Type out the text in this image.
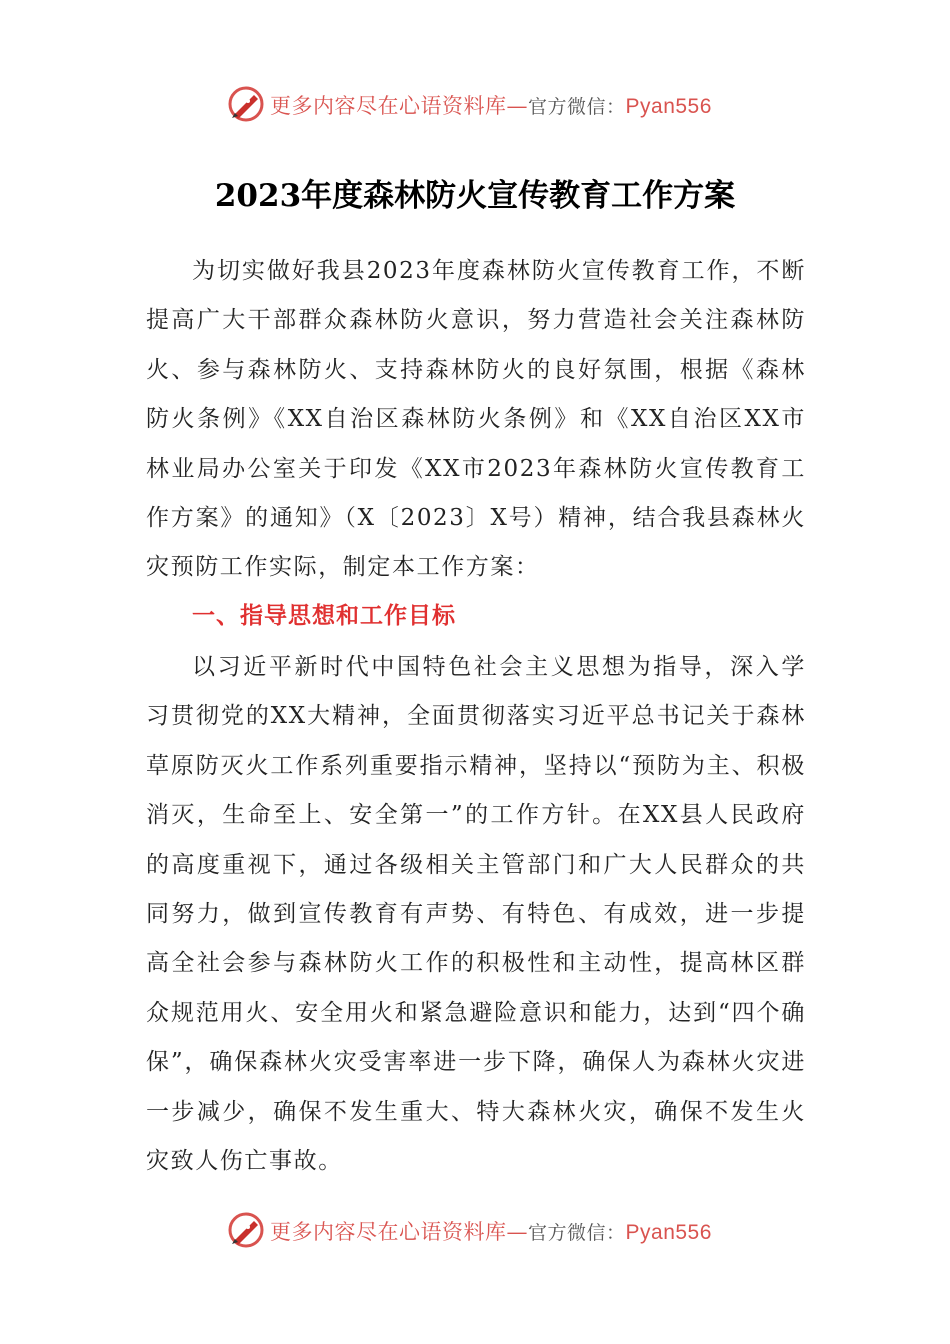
更多内容尽在心语资料库—官方微信：Pyan556
2023年度森林防火宣传教育工作方案

为切实做好我县2023年度森林防火宣传教育工作，不断提高广大干部群众森林防火意识，努力营造社会关注森林防火、参与森林防火、支持森林防火的良好氛围，根据《森林防火条例》《XX自治区森林防火条例》和《XX自治区XX市林业局办公室关于印发《XX市2023年森林防火宣传教育工作方案》的通知》（X〔2023〕X号）精神，结合我县森林火灾预防工作实际，制定本工作方案：

一、指导思想和工作目标

以习近平新时代中国特色社会主义思想为指导，深入学习贯彻党的XX大精神，全面贯彻落实习近平总书记关于森林草原防灭火工作系列重要指示精神，坚持以“预防为主、积极消灭，生命至上、安全第一”的工作方针。在XX县人民政府的高度重视下，通过各级相关主管部门和广大人民群众的共同努力，做到宣传教育有声势、有特色、有成效，进一步提高全社会参与森林防火工作的积极性和主动性，提高林区群众规范用火、安全用火和紧急避险意识和能力，达到“四个确保”，确保森林火灾受害率进一步下降，确保人为森林火灾进一步减少，确保不发生重大、特大森林火灾，确保不发生火灾致人伤亡事故。

更多内容尽在心语资料库—官方微信：Pyan556
